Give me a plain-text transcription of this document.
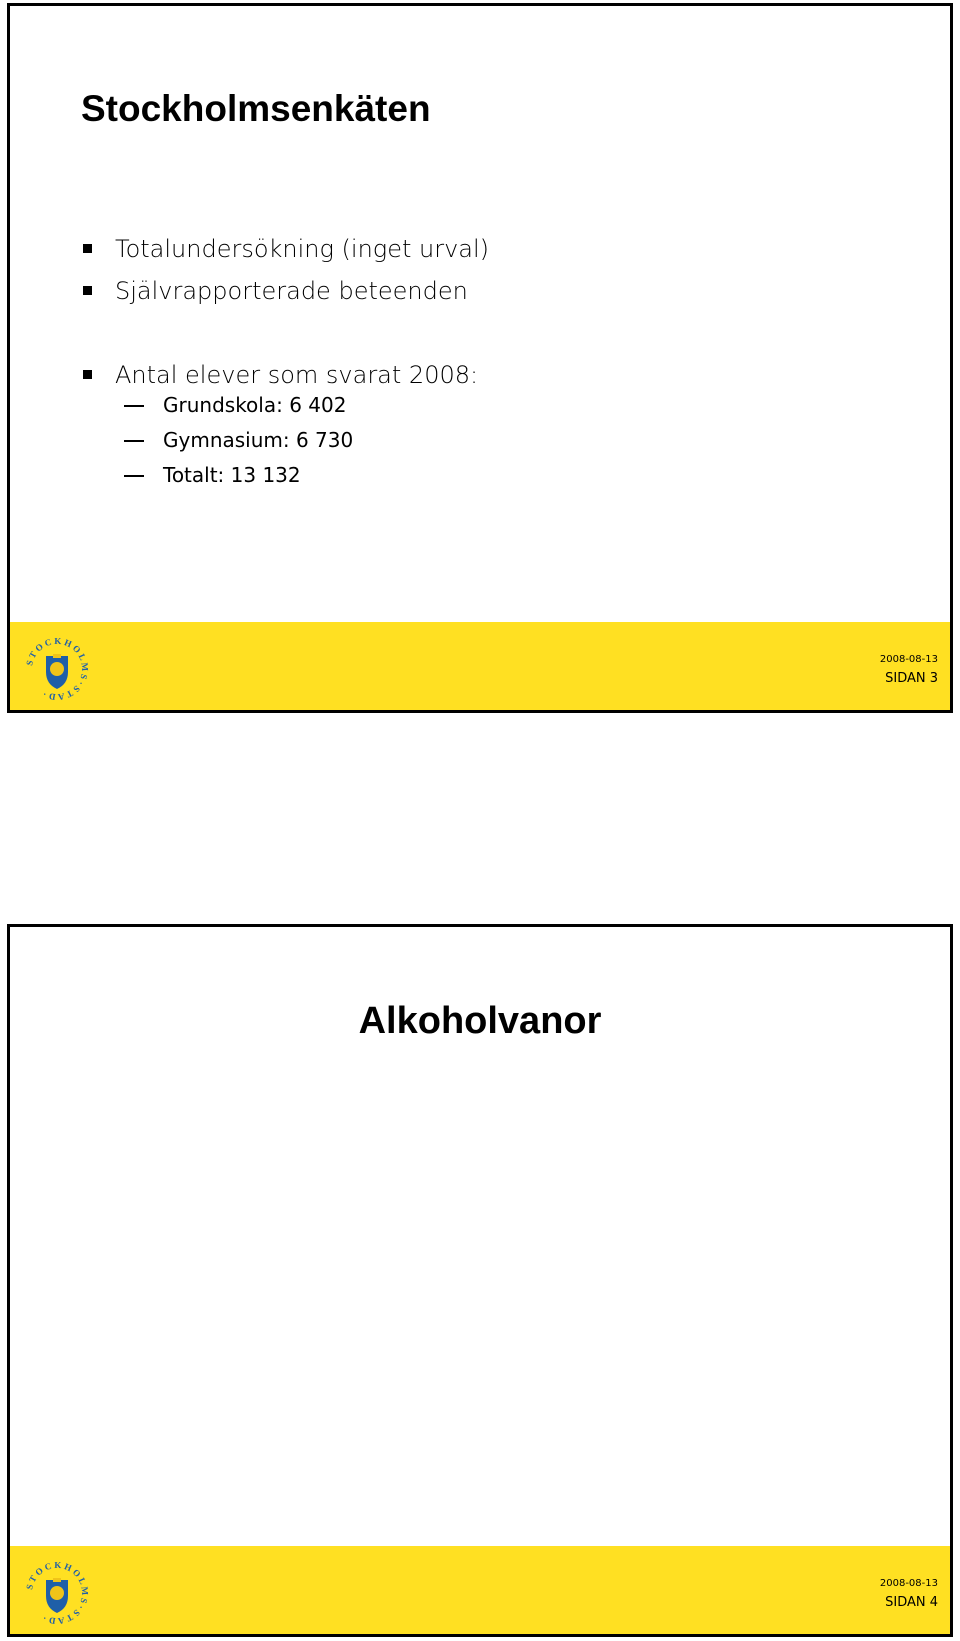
Stockholmsenkäten
Totalundersökning (inget urval)
Självrapporterade beteenden
Antal elever som svarat 2008:
Grundskola: 6 402
Gymnasium: 6 730
Totalt: 13 132
S T O C K H O L M S · S T A D ·
2008-08-13
SIDAN 3
Alkoholvanor
S T O C K H O L M S · S T A D ·
2008-08-13
SIDAN 4
